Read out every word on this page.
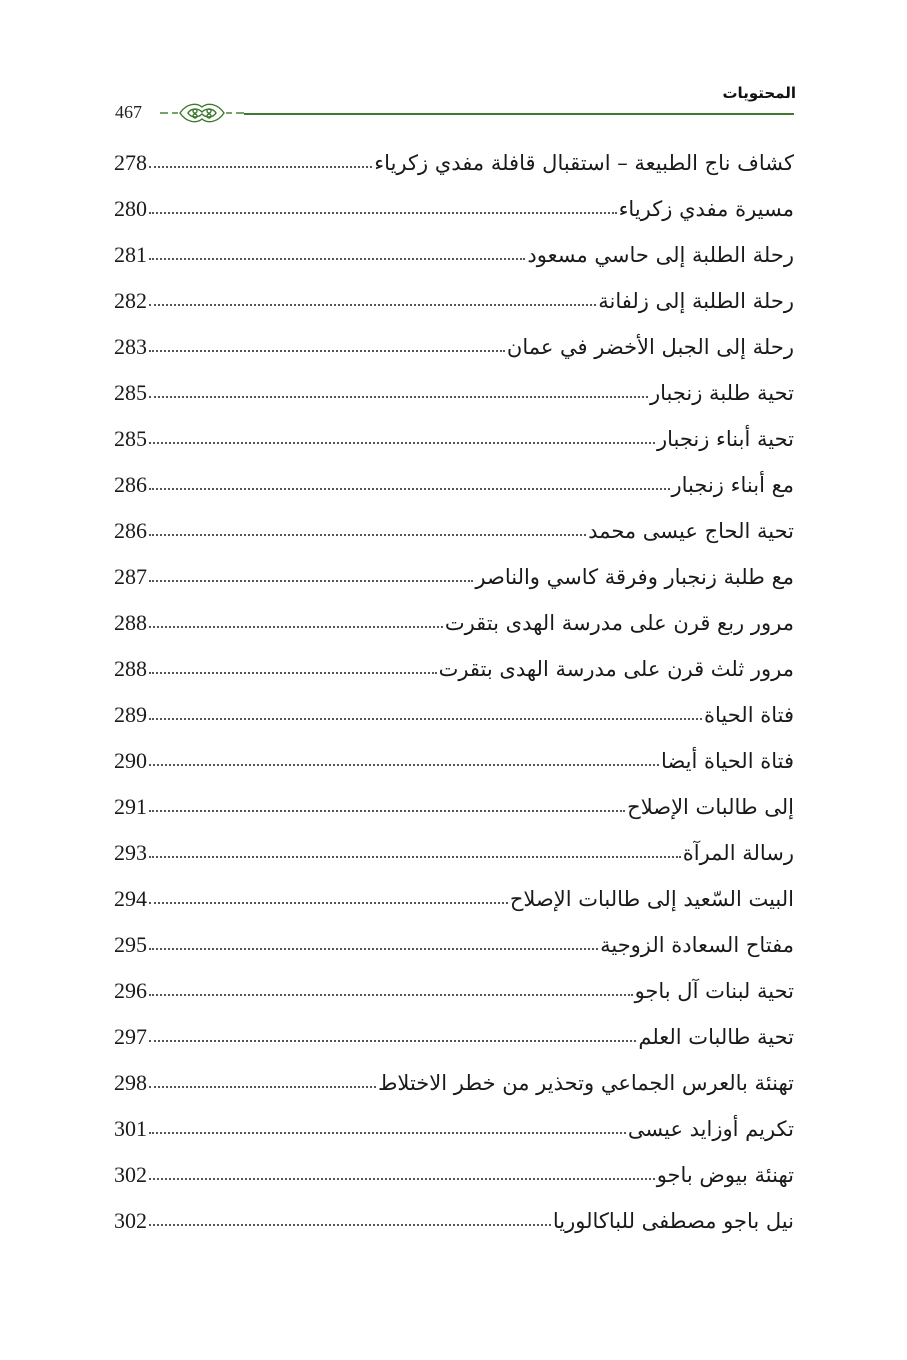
المحتويات
467
كشاف ناج الطبيعة – استقبال قافلة مفدي زكرياء
278
مسيرة مفدي زكرياء
280
رحلة الطلبة إلى حاسي مسعود
281
رحلة الطلبة إلى زلفانة
282
رحلة إلى الجبل الأخضر في عمان
283
تحية طلبة زنجبار
285
تحية أبناء زنجبار
285
مع أبناء زنجبار
286
تحية الحاج عيسى محمد
286
مع طلبة زنجبار وفرقة كاسي والناصر
287
مرور ربع قرن على مدرسة الهدى بتقرت
288
مرور ثلث قرن على مدرسة الهدى بتقرت
288
فتاة الحياة
289
فتاة الحياة أيضا
290
إلى طالبات الإصلاح
291
رسالة المرآة
293
البيت السّعيد إلى طالبات الإصلاح
294
مفتاح السعادة الزوجية
295
تحية لبنات آل باجو
296
تحية طالبات العلم
297
تهنئة بالعرس الجماعي وتحذير من خطر الاختلاط
298
تكريم أوزايد عيسى
301
تهنئة بيوض باجو
302
نيل باجو مصطفى للباكالوريا
302
